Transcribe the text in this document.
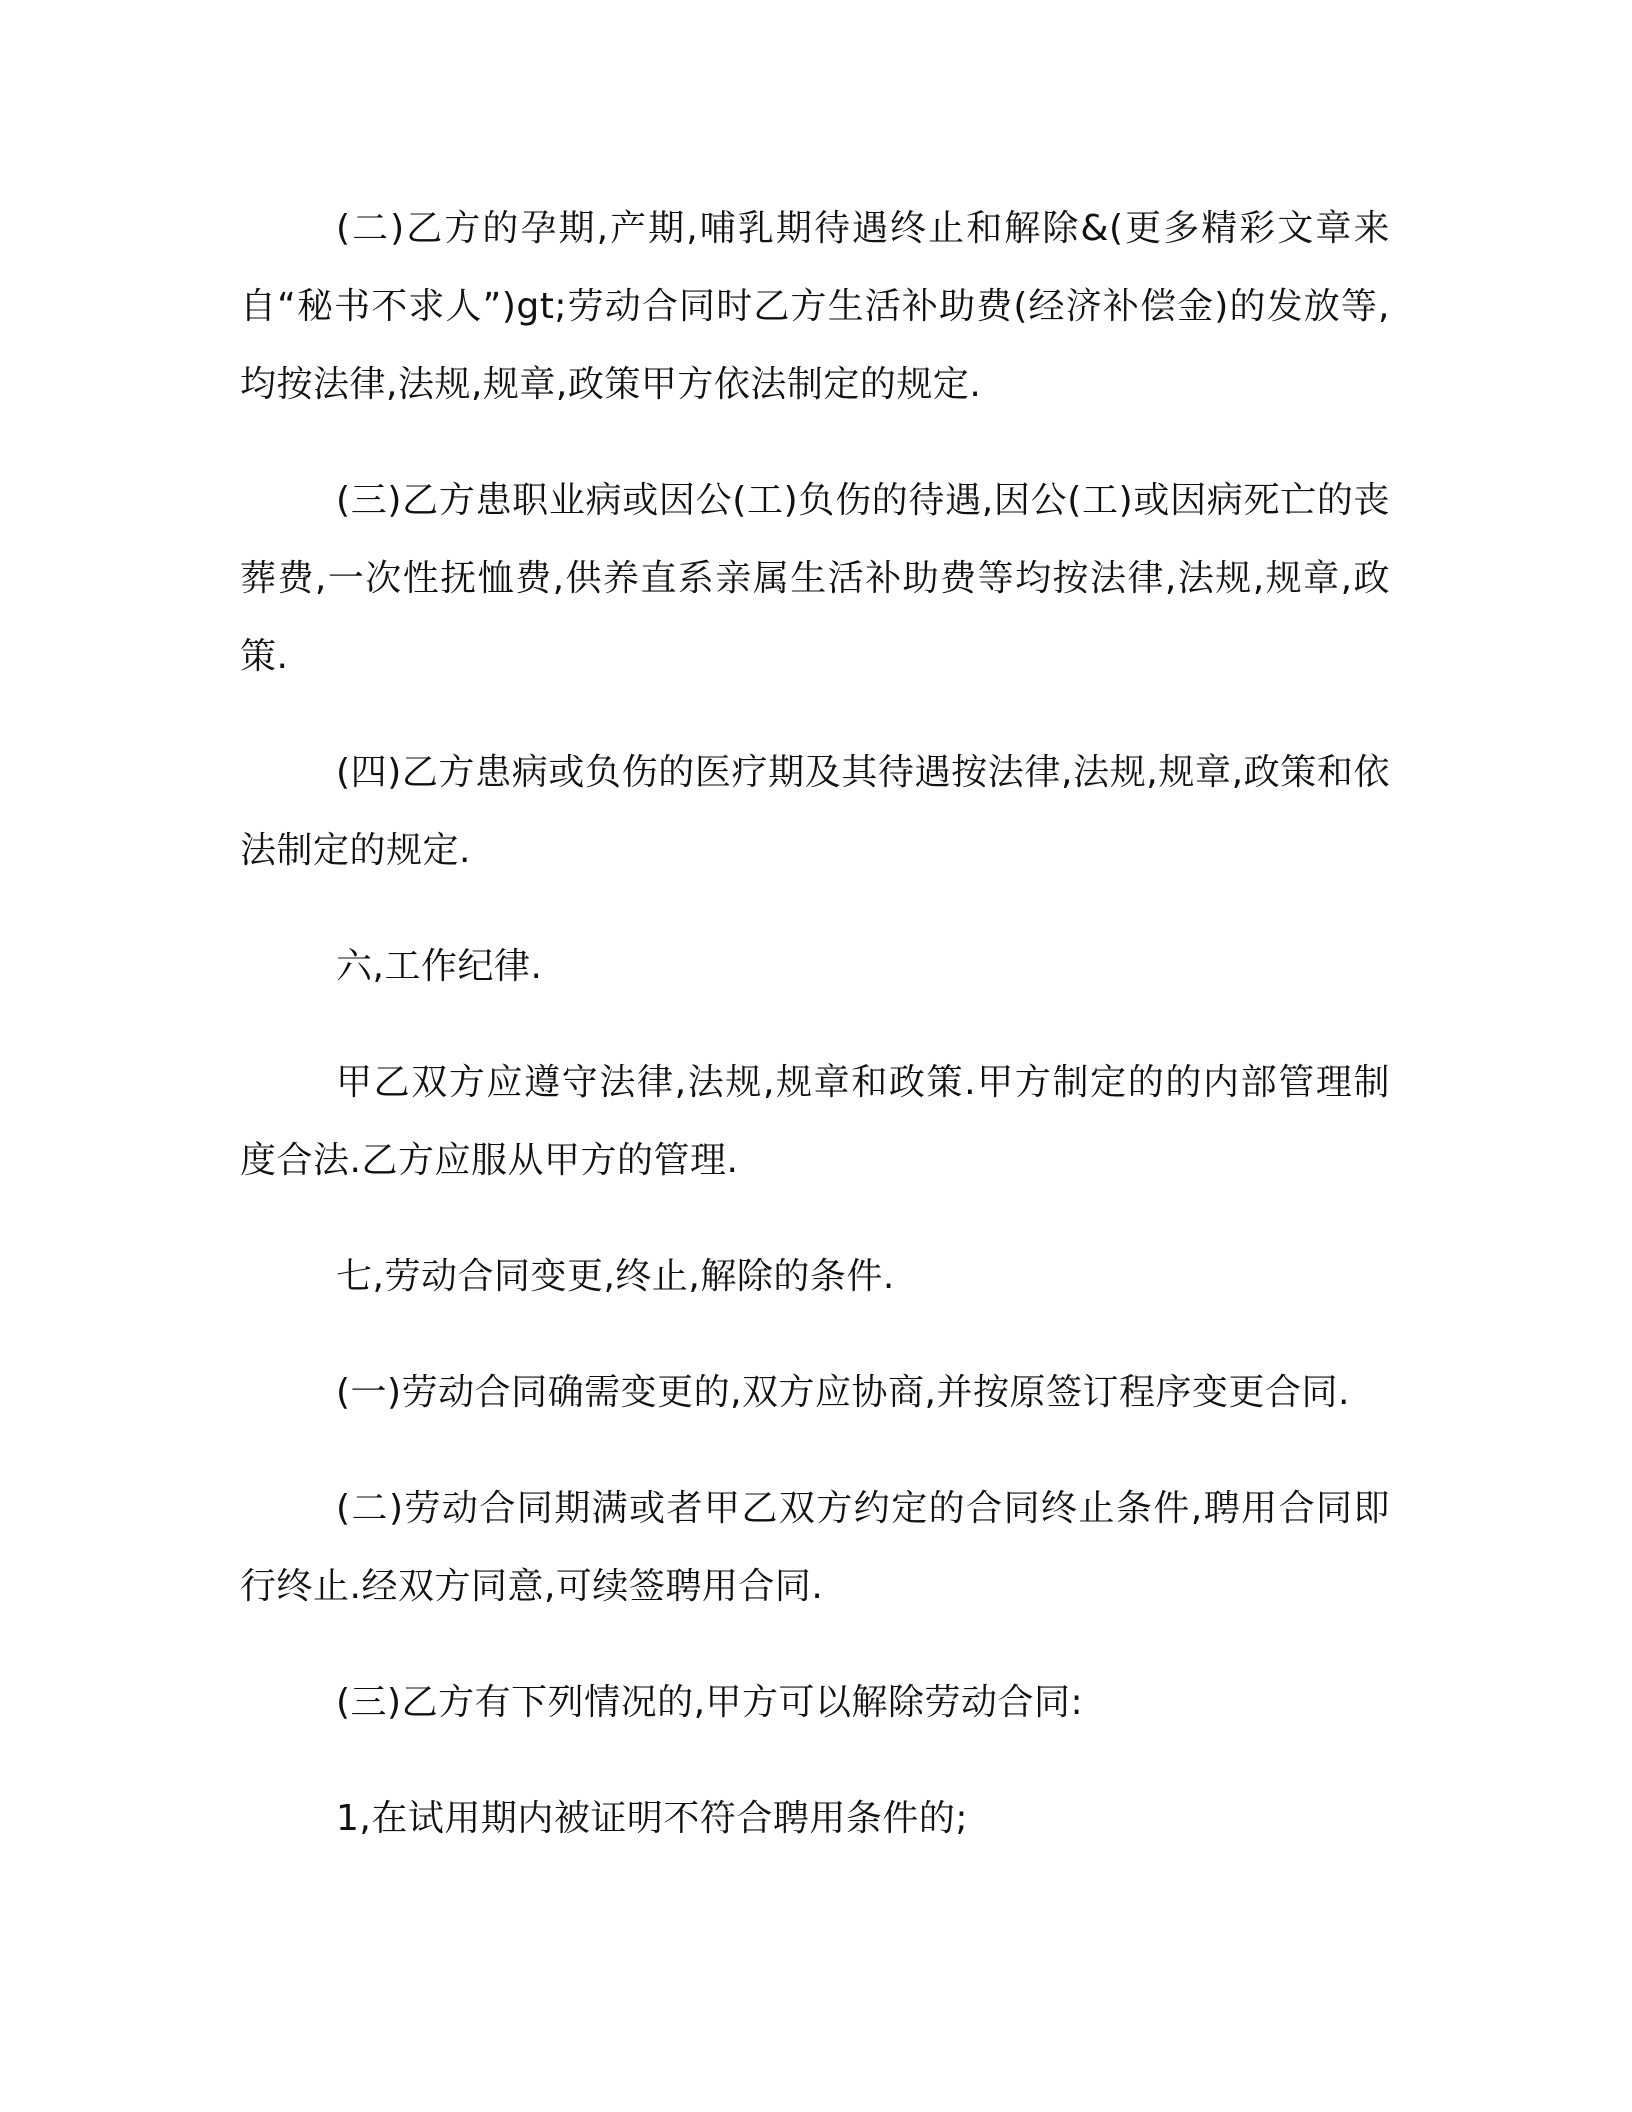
(二)乙方的孕期,产期,哺乳期待遇终止和解除&(更多精彩文章来自“秘书不求人”)gt;劳动合同时乙方生活补助费(经济补偿金)的发放等,均按法律,法规,规章,政策甲方依法制定的规定.

(三)乙方患职业病或因公(工)负伤的待遇,因公(工)或因病死亡的丧葬费,一次性抚恤费,供养直系亲属生活补助费等均按法律,法规,规章,政策.

(四)乙方患病或负伤的医疗期及其待遇按法律,法规,规章,政策和依法制定的规定.

六,工作纪律.

甲乙双方应遵守法律,法规,规章和政策.甲方制定的的内部管理制度合法.乙方应服从甲方的管理.

七,劳动合同变更,终止,解除的条件.

(一)劳动合同确需变更的,双方应协商,并按原签订程序变更合同.

(二)劳动合同期满或者甲乙双方约定的合同终止条件,聘用合同即行终止.经双方同意,可续签聘用合同.

(三)乙方有下列情况的,甲方可以解除劳动合同:

1,在试用期内被证明不符合聘用条件的;
